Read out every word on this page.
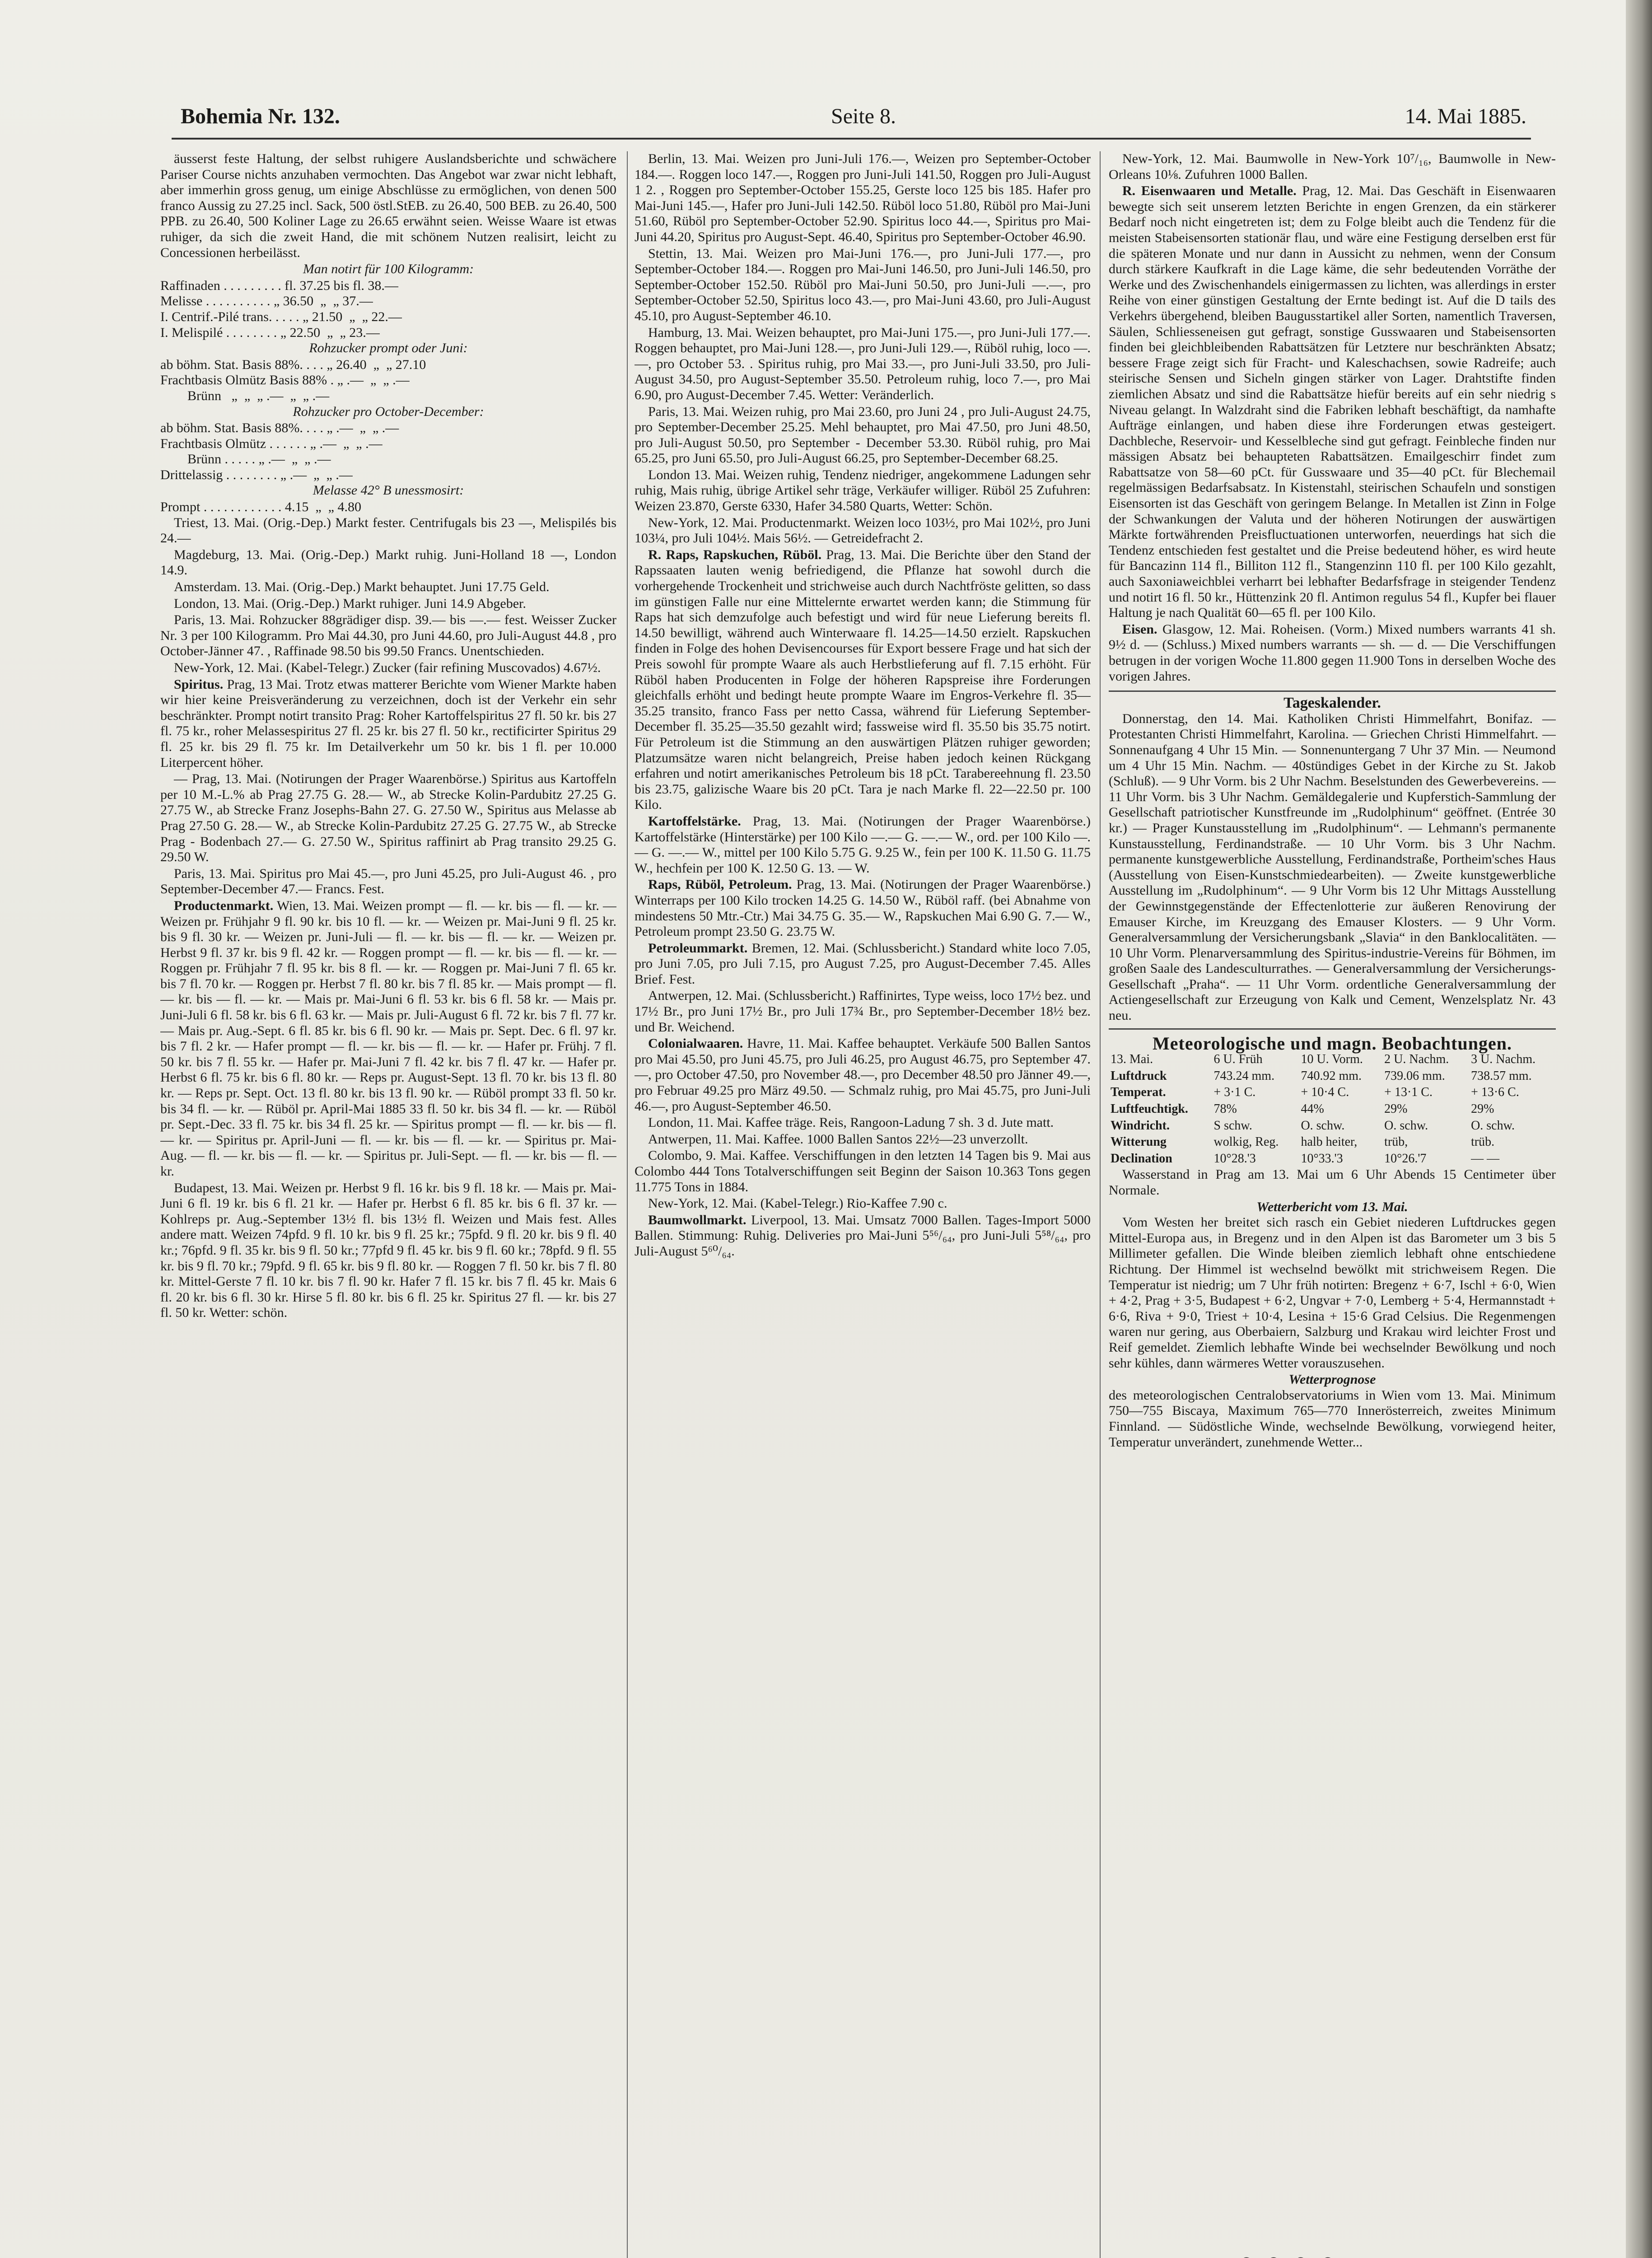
Bohemia Nr. 132.	Seite 8.	14. Mai 1885.

äusserst feste Haltung, der selbst ruhigere Auslandsberichte und schwächere Pariser Course nichts anzuhaben vermochten. Das Angebot war zwar nicht lebhaft, aber immerhin gross genug, um einige Abschlüsse zu ermöglichen, von denen 500 franco Aussig zu 27.25 incl. Sack, 500 östl.StEB. zu 26.40, 500 BEB. zu 26.40, 500 PPB. zu 26.40, 500 Koliner Lage zu 26.65 erwähnt seien. Weisse Waare ist etwas ruhiger, da sich die zweit Hand, die mit schönem Nutzen realisirt, leicht zu Concessionen herbeilässt.

Man notirt für 100 Kilogramm:

Raffinaden . . . . . . . . . fl. 37.25 bis fl. 38.—
Melisse . . . . . . . . . . „ 36.50  „  „ 37.—
I. Centrif.-Pilé trans. . . . . „ 21.50  „  „ 22.—
I. Melispilé . . . . . . . . „ 22.50  „  „ 23.—

Rohzucker prompt oder Juni:

ab böhm. Stat. Basis 88%. . . . „ 26.40  „  „ 27.10
Frachtbasis Olmütz Basis 88% . „ .—  „  „ .—
Brünn   „  „  „ .—  „  „ .—

Rohzucker pro October-December:

ab böhm. Stat. Basis 88%. . . . „ .—  „  „ .—
Frachtbasis Olmütz . . . . . . „ .—  „  „ .—
Brünn . . . . . „ .—  „  „ .—
Drittelassig . . . . . . . . „ .—  „  „ .—

Melasse 42° B unessmosirt:

Prompt . . . . . . . . . . . . 4.15  „  „ 4.80

Triest, 13. Mai. (Orig.-Dep.) Markt fester. Centrifugals bis 23 —, Melispilés bis 24.—

Magdeburg, 13. Mai. (Orig.-Dep.) Markt ruhig. Juni-Holland 18 —, London 14.9.

Amsterdam. 13. Mai. (Orig.-Dep.) Markt behauptet. Juni 17.75 Geld.

London, 13. Mai. (Orig.-Dep.) Markt ruhiger. Juni 14.9 Abgeber.

Paris, 13. Mai. Rohzucker 88grädiger disp. 39.— bis —.— fest. Weisser Zucker Nr. 3 per 100 Kilogramm. Pro Mai 44.30, pro Juni 44.60, pro Juli-August 44.8 , pro October-Jänner 47. , Raffinade 98.50 bis 99.50 Francs. Unentschieden.

New-York, 12. Mai. (Kabel-Telegr.) Zucker (fair refining Muscovados) 4.67½.

Spiritus. Prag, 13 Mai. Trotz etwas matterer Berichte vom Wiener Markte haben wir hier keine Preisveränderung zu verzeichnen, doch ist der Verkehr ein sehr beschränkter. Prompt notirt transito Prag: Roher Kartoffelspiritus 27 fl. 50 kr. bis 27 fl. 75 kr., roher Melassespiritus 27 fl. 25 kr. bis 27 fl. 50 kr., rectificirter Spiritus 29 fl. 25 kr. bis 29 fl. 75 kr. Im Detailverkehr um 50 kr. bis 1 fl. per 10.000 Literpercent höher.

— Prag, 13. Mai. (Notirungen der Prager Waarenbörse.) Spiritus aus Kartoffeln per 10 M.-L.% ab Prag 27.75 G. 28.— W., ab Strecke Kolin-Pardubitz 27.25 G. 27.75 W., ab Strecke Franz Josephs-Bahn 27. G. 27.50 W., Spiritus aus Melasse ab Prag 27.50 G. 28.— W., ab Strecke Kolin-Pardubitz 27.25 G. 27.75 W., ab Strecke Prag - Bodenbach 27.— G. 27.50 W., Spiritus raffinirt ab Prag transito 29.25 G. 29.50 W.

Paris, 13. Mai. Spiritus pro Mai 45.—, pro Juni 45.25, pro Juli-August 46. , pro September-December 47.— Francs. Fest.

Productenmarkt. Wien, 13. Mai. Weizen prompt — fl. — kr. bis — fl. — kr. — Weizen pr. Frühjahr 9 fl. 90 kr. bis 10 fl. — kr. — Weizen pr. Mai-Juni 9 fl. 25 kr. bis 9 fl. 30 kr. — Weizen pr. Juni-Juli — fl. — kr. bis — fl. — kr. — Weizen pr. Herbst 9 fl. 37 kr. bis 9 fl. 42 kr. — Roggen prompt — fl. — kr. bis — fl. — kr. — Roggen pr. Frühjahr 7 fl. 95 kr. bis 8 fl. — kr. — Roggen pr. Mai-Juni 7 fl. 65 kr. bis 7 fl. 70 kr. — Roggen pr. Herbst 7 fl. 80 kr. bis 7 fl. 85 kr. — Mais prompt — fl. — kr. bis — fl. — kr. — Mais pr. Mai-Juni 6 fl. 53 kr. bis 6 fl. 58 kr. — Mais pr. Juni-Juli 6 fl. 58 kr. bis 6 fl. 63 kr. — Mais pr. Juli-August 6 fl. 72 kr. bis 7 fl. 77 kr. — Mais pr. Aug.-Sept. 6 fl. 85 kr. bis 6 fl. 90 kr. — Mais pr. Sept. Dec. 6 fl. 97 kr. bis 7 fl. 2 kr. — Hafer prompt — fl. — kr. bis — fl. — kr. — Hafer pr. Frühj. 7 fl. 50 kr. bis 7 fl. 55 kr. — Hafer pr. Mai-Juni 7 fl. 42 kr. bis 7 fl. 47 kr. — Hafer pr. Herbst 6 fl. 75 kr. bis 6 fl. 80 kr. — Reps pr. August-Sept. 13 fl. 70 kr. bis 13 fl. 80 kr. — Reps pr. Sept. Oct. 13 fl. 80 kr. bis 13 fl. 90 kr. — Rüböl prompt 33 fl. 50 kr. bis 34 fl. — kr. — Rüböl pr. April-Mai 1885 33 fl. 50 kr. bis 34 fl. — kr. — Rüböl pr. Sept.-Dec. 33 fl. 75 kr. bis 34 fl. 25 kr. — Spiritus prompt — fl. — kr. bis — fl. — kr. — Spiritus pr. April-Juni — fl. — kr. bis — fl. — kr. — Spiritus pr. Mai-Aug. — fl. — kr. bis — fl. — kr. — Spiritus pr. Juli-Sept. — fl. — kr. bis — fl. — kr.

Budapest, 13. Mai. Weizen pr. Herbst 9 fl. 16 kr. bis 9 fl. 18 kr. — Mais pr. Mai-Juni 6 fl. 19 kr. bis 6 fl. 21 kr. — Hafer pr. Herbst 6 fl. 85 kr. bis 6 fl. 37 kr. — Kohlreps pr. Aug.-September 13½ fl. bis 13½ fl. Weizen und Mais fest. Alles andere matt. Weizen 74pfd. 9 fl. 10 kr. bis 9 fl. 25 kr.; 75pfd. 9 fl. 20 kr. bis 9 fl. 40 kr.; 76pfd. 9 fl. 35 kr. bis 9 fl. 50 kr.; 77pfd 9 fl. 45 kr. bis 9 fl. 60 kr.; 78pfd. 9 fl. 55 kr. bis 9 fl. 70 kr.; 79pfd. 9 fl. 65 kr. bis 9 fl. 80 kr. — Roggen 7 fl. 50 kr. bis 7 fl. 80 kr. Mittel-Gerste 7 fl. 10 kr. bis 7 fl. 90 kr. Hafer 7 fl. 15 kr. bis 7 fl. 45 kr. Mais 6 fl. 20 kr. bis 6 fl. 30 kr. Hirse 5 fl. 80 kr. bis 6 fl. 25 kr. Spiritus 27 fl. — kr. bis 27 fl. 50 kr. Wetter: schön.

Berlin, 13. Mai. Weizen pro Juni-Juli 176.—, Weizen pro September-October 184.—. Roggen loco 147.—, Roggen pro Juni-Juli 141.50, Roggen pro Juli-August 1 2. , Roggen pro September-October 155.25, Gerste loco 125 bis 185. Hafer pro Mai-Juni 145.—, Hafer pro Juni-Juli 142.50. Rüböl loco 51.80, Rüböl pro Mai-Juni 51.60, Rüböl pro September-October 52.90. Spiritus loco 44.—, Spiritus pro Mai-Juni 44.20, Spiritus pro August-Sept. 46.40, Spiritus pro September-October 46.90.

Stettin, 13. Mai. Weizen pro Mai-Juni 176.—, pro Juni-Juli 177.—, pro September-October 184.—. Roggen pro Mai-Juni 146.50, pro Juni-Juli 146.50, pro September-October 152.50. Rüböl pro Mai-Juni 50.50, pro Juni-Juli —.—, pro September-October 52.50, Spiritus loco 43.—, pro Mai-Juni 43.60, pro Juli-August 45.10, pro August-September 46.10.

Hamburg, 13. Mai. Weizen behauptet, pro Mai-Juni 175.—, pro Juni-Juli 177.—. Roggen behauptet, pro Mai-Juni 128.—, pro Juni-Juli 129.—, Rüböl ruhig, loco —.—, pro October 53. . Spiritus ruhig, pro Mai 33.—, pro Juni-Juli 33.50, pro Juli-August 34.50, pro August-September 35.50. Petroleum ruhig, loco 7.—, pro Mai 6.90, pro August-December 7.45. Wetter: Veränderlich.

Paris, 13. Mai. Weizen ruhig, pro Mai 23.60, pro Juni 24 , pro Juli-August 24.75, pro September-December 25.25. Mehl behauptet, pro Mai 47.50, pro Juni 48.50, pro Juli-August 50.50, pro September - December 53.30. Rüböl ruhig, pro Mai 65.25, pro Juni 65.50, pro Juli-August 66.25, pro September-December 68.25.

London 13. Mai. Weizen ruhig, Tendenz niedriger, angekommene Ladungen sehr ruhig, Mais ruhig, übrige Artikel sehr träge, Verkäufer williger. Rüböl 25 Zufuhren: Weizen 23.870, Gerste 6330, Hafer 34.580 Quarts, Wetter: Schön.

New-York, 12. Mai. Productenmarkt. Weizen loco 103½, pro Mai 102½, pro Juni 103¼, pro Juli 104½. Mais 56½. — Getreidefracht 2.

R. Raps, Rapskuchen, Rüböl. Prag, 13. Mai. Die Berichte über den Stand der Rapssaaten lauten wenig befriedigend, die Pflanze hat sowohl durch die vorhergehende Trockenheit und strichweise auch durch Nachtfröste gelitten, so dass im günstigen Falle nur eine Mittelernte erwartet werden kann; die Stimmung für Raps hat sich demzufolge auch befestigt und wird für neue Lieferung bereits fl. 14.50 bewilligt, während auch Winterwaare fl. 14.25—14.50 erzielt. Rapskuchen finden in Folge des hohen Devisencourses für Export bessere Frage und hat sich der Preis sowohl für prompte Waare als auch Herbstlieferung auf fl. 7.15 erhöht. Für Rüböl haben Producenten in Folge der höheren Rapspreise ihre Forderungen gleichfalls erhöht und bedingt heute prompte Waare im Engros-Verkehre fl. 35—35.25 transito, franco Fass per netto Cassa, während für Lieferung September-December fl. 35.25—35.50 gezahlt wird; fassweise wird fl. 35.50 bis 35.75 notirt. Für Petroleum ist die Stimmung an den auswärtigen Plätzen ruhiger geworden; Platzumsätze waren nicht belangreich, Preise haben jedoch keinen Rückgang erfahren und notirt amerikanisches Petroleum bis 18 pCt. Tarabereehnung fl. 23.50 bis 23.75, galizische Waare bis 20 pCt. Tara je nach Marke fl. 22—22.50 pr. 100 Kilo.

Kartoffelstärke. Prag, 13. Mai. (Notirungen der Prager Waarenbörse.) Kartoffelstärke (Hinterstärke) per 100 Kilo —.— G. —.— W., ord. per 100 Kilo —.— G. —.— W., mittel per 100 Kilo 5.75 G. 9.25 W., fein per 100 K. 11.50 G. 11.75 W., hechfein per 100 K. 12.50 G. 13. — W.

Raps, Rüböl, Petroleum. Prag, 13. Mai. (Notirungen der Prager Waarenbörse.) Winterraps per 100 Kilo trocken 14.25 G. 14.50 W., Rüböl raff. (bei Abnahme von mindestens 50 Mtr.-Ctr.) Mai 34.75 G. 35.— W., Rapskuchen Mai 6.90 G. 7.— W., Petroleum prompt 23.50 G. 23.75 W.

Petroleummarkt. Bremen, 12. Mai. (Schlussbericht.) Standard white loco 7.05, pro Juni 7.05, pro Juli 7.15, pro August 7.25, pro August-December 7.45. Alles Brief. Fest.

Antwerpen, 12. Mai. (Schlussbericht.) Raffinirtes, Type weiss, loco 17½ bez. und 17½ Br., pro Juni 17½ Br., pro Juli 17¾ Br., pro September-December 18½ bez. und Br. Weichend.

Colonialwaaren. Havre, 11. Mai. Kaffee behauptet. Verkäufe 500 Ballen Santos pro Mai 45.50, pro Juni 45.75, pro Juli 46.25, pro August 46.75, pro September 47.—, pro October 47.50, pro November 48.—, pro December 48.50 pro Jänner 49.—, pro Februar 49.25 pro März 49.50. — Schmalz ruhig, pro Mai 45.75, pro Juni-Juli 46.—, pro August-September 46.50.

London, 11. Mai. Kaffee träge. Reis, Rangoon-Ladung 7 sh. 3 d. Jute matt.

Antwerpen, 11. Mai. Kaffee. 1000 Ballen Santos 22½—23 unverzollt.

Colombo, 9. Mai. Kaffee. Verschiffungen in den letzten 14 Tagen bis 9. Mai aus Colombo 444 Tons Totalverschiffungen seit Beginn der Saison 10.363 Tons gegen 11.775 Tons in 1884.

New-York, 12. Mai. (Kabel-Telegr.) Rio-Kaffee 7.90 c.

Baumwollmarkt. Liverpool, 13. Mai. Umsatz 7000 Ballen. Tages-Import 5000 Ballen. Stimmung: Ruhig. Deliveries pro Mai-Juni 5⁵⁶/₆₄, pro Juni-Juli 5⁵⁸/₆₄, pro Juli-August 5⁶⁰/₆₄.

New-York, 12. Mai. Baumwolle in New-York 10⁷/₁₆, Baumwolle in New-Orleans 10⅛. Zufuhren 1000 Ballen.

R. Eisenwaaren und Metalle. Prag, 12. Mai. Das Geschäft in Eisenwaaren bewegte sich seit unserem letzten Berichte in engen Grenzen, da ein stärkerer Bedarf noch nicht eingetreten ist; dem zu Folge bleibt auch die Tendenz für die meisten Stabeisensorten stationär flau, und wäre eine Festigung derselben erst für die späteren Monate und nur dann in Aussicht zu nehmen, wenn der Consum durch stärkere Kaufkraft in die Lage käme, die sehr bedeutenden Vorräthe der Werke und des Zwischenhandels einigermassen zu lichten, was allerdings in erster Reihe von einer günstigen Gestaltung der Ernte bedingt ist. Auf die D tails des Verkehrs übergehend, bleiben Baugusstartikel aller Sorten, namentlich Traversen, Säulen, Schliesseneisen gut gefragt, sonstige Gusswaaren und Stabeisensorten finden bei gleichbleibenden Rabattsätzen für Letztere nur beschränkten Absatz; bessere Frage zeigt sich für Fracht- und Kaleschachsen, sowie Radreife; auch steirische Sensen und Sicheln gingen stärker von Lager. Drahtstifte finden ziemlichen Absatz und sind die Rabattsätze hiefür bereits auf ein sehr niedrig s Niveau gelangt. In Walzdraht sind die Fabriken lebhaft beschäftigt, da namhafte Aufträge einlangen, und haben diese ihre Forderungen etwas gesteigert. Dachbleche, Reservoir- und Kesselbleche sind gut gefragt. Feinbleche finden nur mässigen Absatz bei behaupteten Rabattsätzen. Emailgeschirr findet zum Rabattsatze von 58—60 pCt. für Gusswaare und 35—40 pCt. für Blechemail regelmässigen Bedarfsabsatz. In Kistenstahl, steirischen Schaufeln und sonstigen Eisensorten ist das Geschäft von geringem Belange. In Metallen ist Zinn in Folge der Schwankungen der Valuta und der höheren Notirungen der auswärtigen Märkte fortwährenden Preisfluctuationen unterworfen, neuerdings hat sich die Tendenz entschieden fest gestaltet und die Preise bedeutend höher, es wird heute für Bancazinn 114 fl., Billiton 112 fl., Stangenzinn 110 fl. per 100 Kilo gezahlt, auch Saxoniaweichblei verharrt bei lebhafter Bedarfsfrage in steigender Tendenz und notirt 16 fl. 50 kr., Hüttenzink 20 fl. Antimon regulus 54 fl., Kupfer bei flauer Haltung je nach Qualität 60—65 fl. per 100 Kilo.

Eisen. Glasgow, 12. Mai. Roheisen. (Vorm.) Mixed numbers warrants 41 sh. 9½ d. — (Schluss.) Mixed numbers warrants — sh. — d. — Die Verschiffungen betrugen in der vorigen Woche 11.800 gegen 11.900 Tons in derselben Woche des vorigen Jahres.

Tageskalender.

Donnerstag, den 14. Mai. Katholiken Christi Himmelfahrt, Bonifaz. — Protestanten Christi Himmelfahrt, Karolina. — Griechen Christi Himmelfahrt. — Sonnenaufgang 4 Uhr 15 Min. — Sonnenuntergang 7 Uhr 37 Min. — Neumond um 4 Uhr 15 Min. Nachm. — 40stündiges Gebet in der Kirche zu St. Jakob (Schluß). — 9 Uhr Vorm. bis 2 Uhr Nachm. Beselstunden des Gewerbevereins. — 11 Uhr Vorm. bis 3 Uhr Nachm. Gemäldegalerie und Kupferstich-Sammlung der Gesellschaft patriotischer Kunstfreunde im „Rudolphinum“ geöffnet. (Entrée 30 kr.) — Prager Kunstausstellung im „Rudolphinum“. — Lehmann's permanente Kunstausstellung, Ferdinandstraße. — 10 Uhr Vorm. bis 3 Uhr Nachm. permanente kunstgewerbliche Ausstellung, Ferdinandstraße, Portheim'sches Haus (Ausstellung von Eisen-Kunstschmiedearbeiten). — Zweite kunstgewerbliche Ausstellung im „Rudolphinum“. — 9 Uhr Vorm bis 12 Uhr Mittags Ausstellung der Gewinnstgegenstände der Effectenlotterie zur äußeren Renovirung der Emauser Kirche, im Kreuzgang des Emauser Klosters. — 9 Uhr Vorm. Generalversammlung der Versicherungsbank „Slavia“ in den Banklocalitäten. — 10 Uhr Vorm. Plenarversammlung des Spiritus-industrie-Vereins für Böhmen, im großen Saale des Landesculturrathes. — Generalversammlung der Versicherungs-Gesellschaft „Praha“. — 11 Uhr Vorm. ordentliche Generalversammlung der Actiengesellschaft zur Erzeugung von Kalk und Cement, Wenzelsplatz Nr. 43 neu.

Meteorologische und magn. Beobachtungen.
13. Mai.	6 U. Früh	10 U. Vorm.	2 U. Nachm.	3 U. Nachm.
Luftdruck	743.24 mm.	740.92 mm.	739.06 mm.	738.57 mm.
Temperat.	+ 3·1 C.	+ 10·4 C.	+ 13·1 C.	+ 13·6 C.
Luftfeuchtigk.	78%	44%	29%	29%
Windricht.	S schw.	O. schw.	O. schw.	O. schw.
Witterung	wolkig, Reg.	halb heiter,	trüb,	trüb.
Declination	10°28.'3	10°33.'3	10°26.'7	— —

Wasserstand in Prag am 13. Mai um 6 Uhr Abends 15 Centimeter über Normale.

Wetterbericht vom 13. Mai.

Vom Westen her breitet sich rasch ein Gebiet niederen Luftdruckes gegen Mittel-Europa aus, in Bregenz und in den Alpen ist das Barometer um 3 bis 5 Millimeter gefallen. Die Winde bleiben ziemlich lebhaft ohne entschiedene Richtung. Der Himmel ist wechselnd bewölkt mit strichweisem Regen. Die Temperatur ist niedrig; um 7 Uhr früh notirten: Bregenz + 6·7, Ischl + 6·0, Wien + 4·2, Prag + 3·5, Budapest + 6·2, Ungvar + 7·0, Lemberg + 5·4, Hermannstadt + 6·6, Riva + 9·0, Triest + 10·4, Lesina + 15·6 Grad Celsius. Die Regenmengen waren nur gering, aus Oberbaiern, Salzburg und Krakau wird leichter Frost und Reif gemeldet. Ziemlich lebhafte Winde bei wechselnder Bewölkung und noch sehr kühles, dann wärmeres Wetter vorauszusehen.

Wetterprognose

des meteorologischen Centralobservatoriums in Wien vom 13. Mai. Minimum 750—755 Biscaya, Maximum 765—770 Innerösterreich, zweites Minimum Finnland. — Südöstliche Winde, wechselnde Bewölkung, vorwiegend heiter, Temperatur unverändert, zunehmende Wetter...
